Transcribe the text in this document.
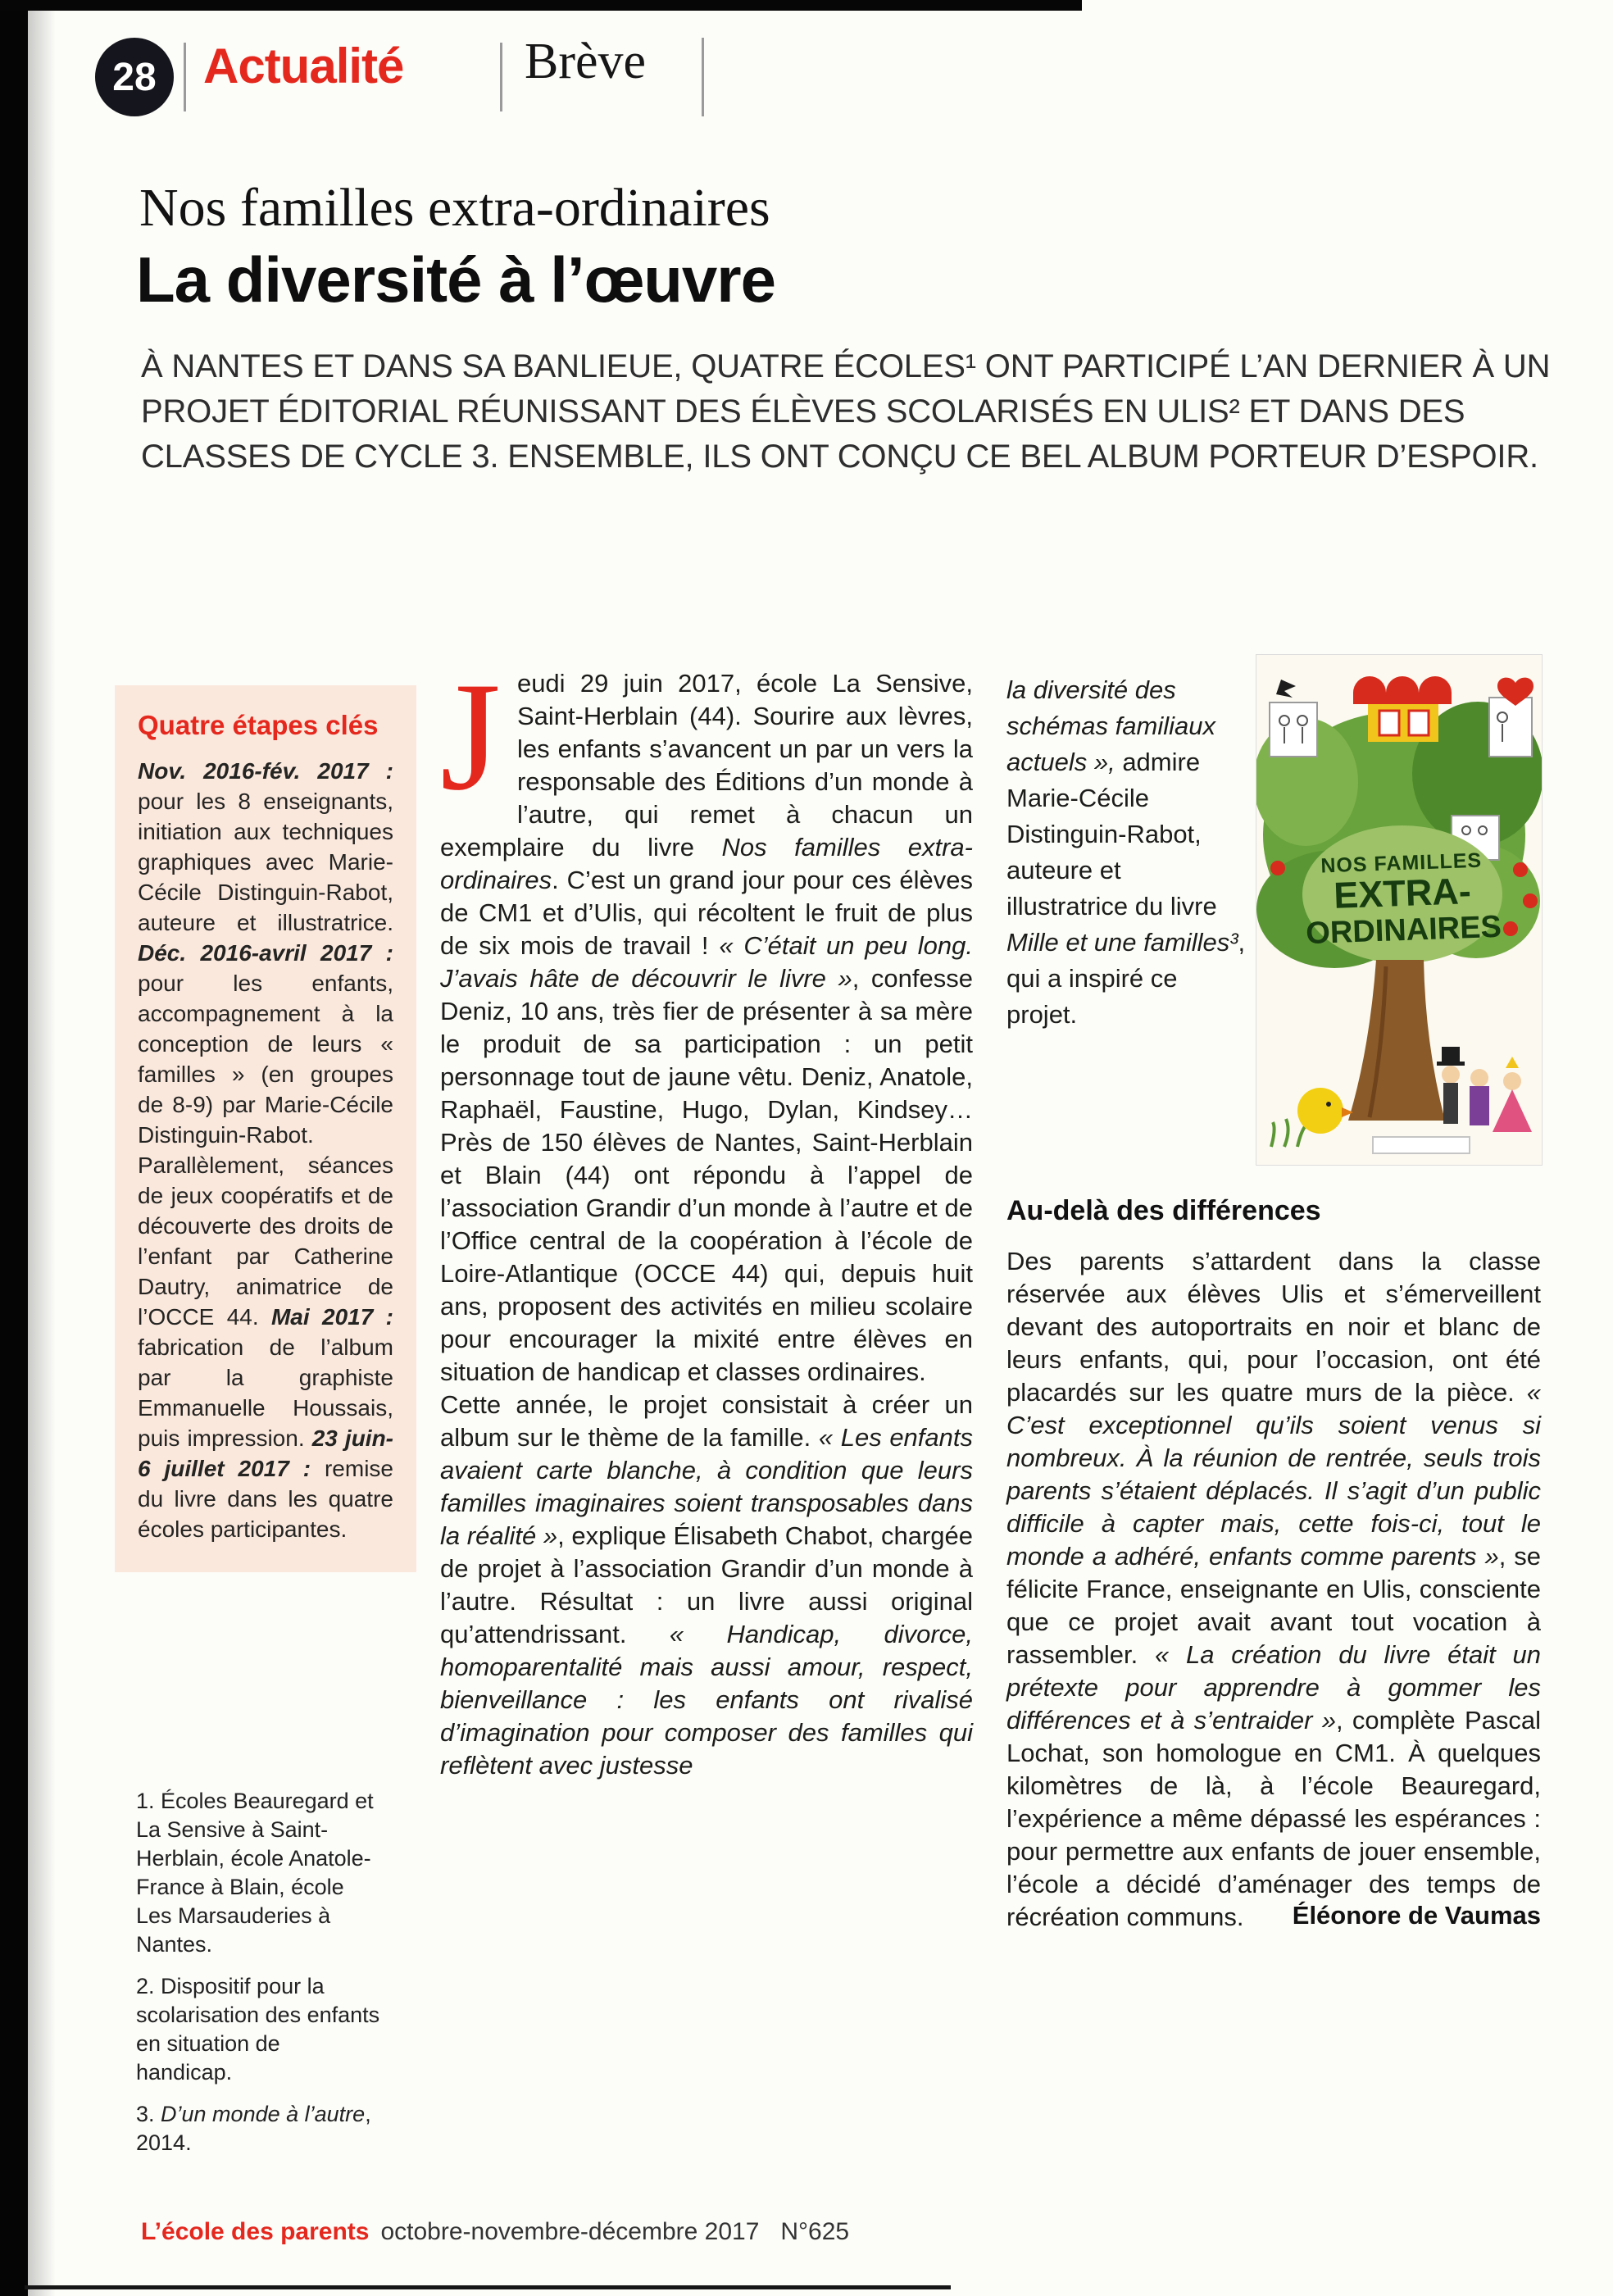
28 Actualité Brève
Nos familles extra-ordinaires
La diversité à l’œuvre
À NANTES ET DANS SA BANLIEUE, QUATRE ÉCOLES¹ ONT PARTICIPÉ L’AN DERNIER À UN PROJET ÉDITORIAL RÉUNISSANT DES ÉLÈVES SCOLARISÉS EN ULIS² ET DANS DES CLASSES DE CYCLE 3. ENSEMBLE, ILS ONT CONÇU CE BEL ALBUM PORTEUR D’ESPOIR.
Quatre étapes clés

Nov. 2016-fév. 2017 : pour les 8 enseignants, initiation aux techniques graphiques avec Marie-Cécile Distinguin-Rabot, auteure et illustratrice. Déc. 2016-avril 2017 : pour les enfants, accompagnement à la conception de leurs « familles » (en groupes de 8-9) par Marie-Cécile Distinguin-Rabot. Parallèlement, séances de jeux coopératifs et de découverte des droits de l’enfant par Catherine Dautry, animatrice de l’OCCE 44. Mai 2017 : fabrication de l’album par la graphiste Emmanuelle Houssais, puis impression. 23 juin-6 juillet 2017 : remise du livre dans les quatre écoles participantes.

1. Écoles Beauregard et La Sensive à Saint-Herblain, école Anatole-France à Blain, école Les Marsauderies à Nantes.

2. Dispositif pour la scolarisation des enfants en situation de handicap.

3. D’un monde à l’autre, 2014.

Jeudi 29 juin 2017, école La Sensive, Saint-Herblain (44). Sourire aux lèvres, les enfants s’avancent un par un vers la responsable des Éditions d’un monde à l’autre, qui remet à chacun un exemplaire du livre Nos familles extra-ordinaires. C’est un grand jour pour ces élèves de CM1 et d’Ulis, qui récoltent le fruit de plus de six mois de travail ! « C’était un peu long. J’avais hâte de découvrir le livre », confesse Deniz, 10 ans, très fier de présenter à sa mère le produit de sa participation : un petit personnage tout de jaune vêtu. Deniz, Anatole, Raphaël, Faustine, Hugo, Dylan, Kindsey… Près de 150 élèves de Nantes, Saint-Herblain et Blain (44) ont répondu à l’appel de l’association Grandir d’un monde à l’autre et de l’Office central de la coopération à l’école de Loire-Atlantique (OCCE 44) qui, depuis huit ans, proposent des activités en milieu scolaire pour encourager la mixité entre élèves en situation de handicap et classes ordinaires.

Cette année, le projet consistait à créer un album sur le thème de la famille. « Les enfants avaient carte blanche, à condition que leurs familles imaginaires soient transposables dans la réalité », explique Élisabeth Chabot, chargée de projet à l’association Grandir d’un monde à l’autre. Résultat : un livre aussi original qu’attendrissant. « Handicap, divorce, homoparentalité mais aussi amour, respect, bienveillance : les enfants ont rivalisé d’imagination pour composer des familles qui reflètent avec justesse

la diversité des schémas familiaux actuels », admire Marie-Cécile Distinguin-Rabot, auteure et illustratrice du livre Mille et une familles³, qui a inspiré ce projet.

NOS FAMILLES
EXTRA-
ORDINAIRES
Au-delà des différences

Des parents s’attardent dans la classe réservée aux élèves Ulis et s’émerveillent devant des autoportraits en noir et blanc de leurs enfants, qui, pour l’occasion, ont été placardés sur les quatre murs de la pièce. « C’est exceptionnel qu’ils soient venus si nombreux. À la réunion de rentrée, seuls trois parents s’étaient déplacés. Il s’agit d’un public difficile à capter mais, cette fois-ci, tout le monde a adhéré, enfants comme parents », se félicite France, enseignante en Ulis, consciente que ce projet avait avant tout vocation à rassembler. « La création du livre était un prétexte pour apprendre à gommer les différences et à s’entraider », complète Pascal Lochat, son homologue en CM1. À quelques kilomètres de là, à l’école Beauregard, l’expérience a même dépassé les espérances : pour permettre aux enfants de jouer ensemble, l’école a décidé d’aménager des temps de récréation communs.	Éléonore de Vaumas
L’école des parents octobre-novembre-décembre 2017 N°625
